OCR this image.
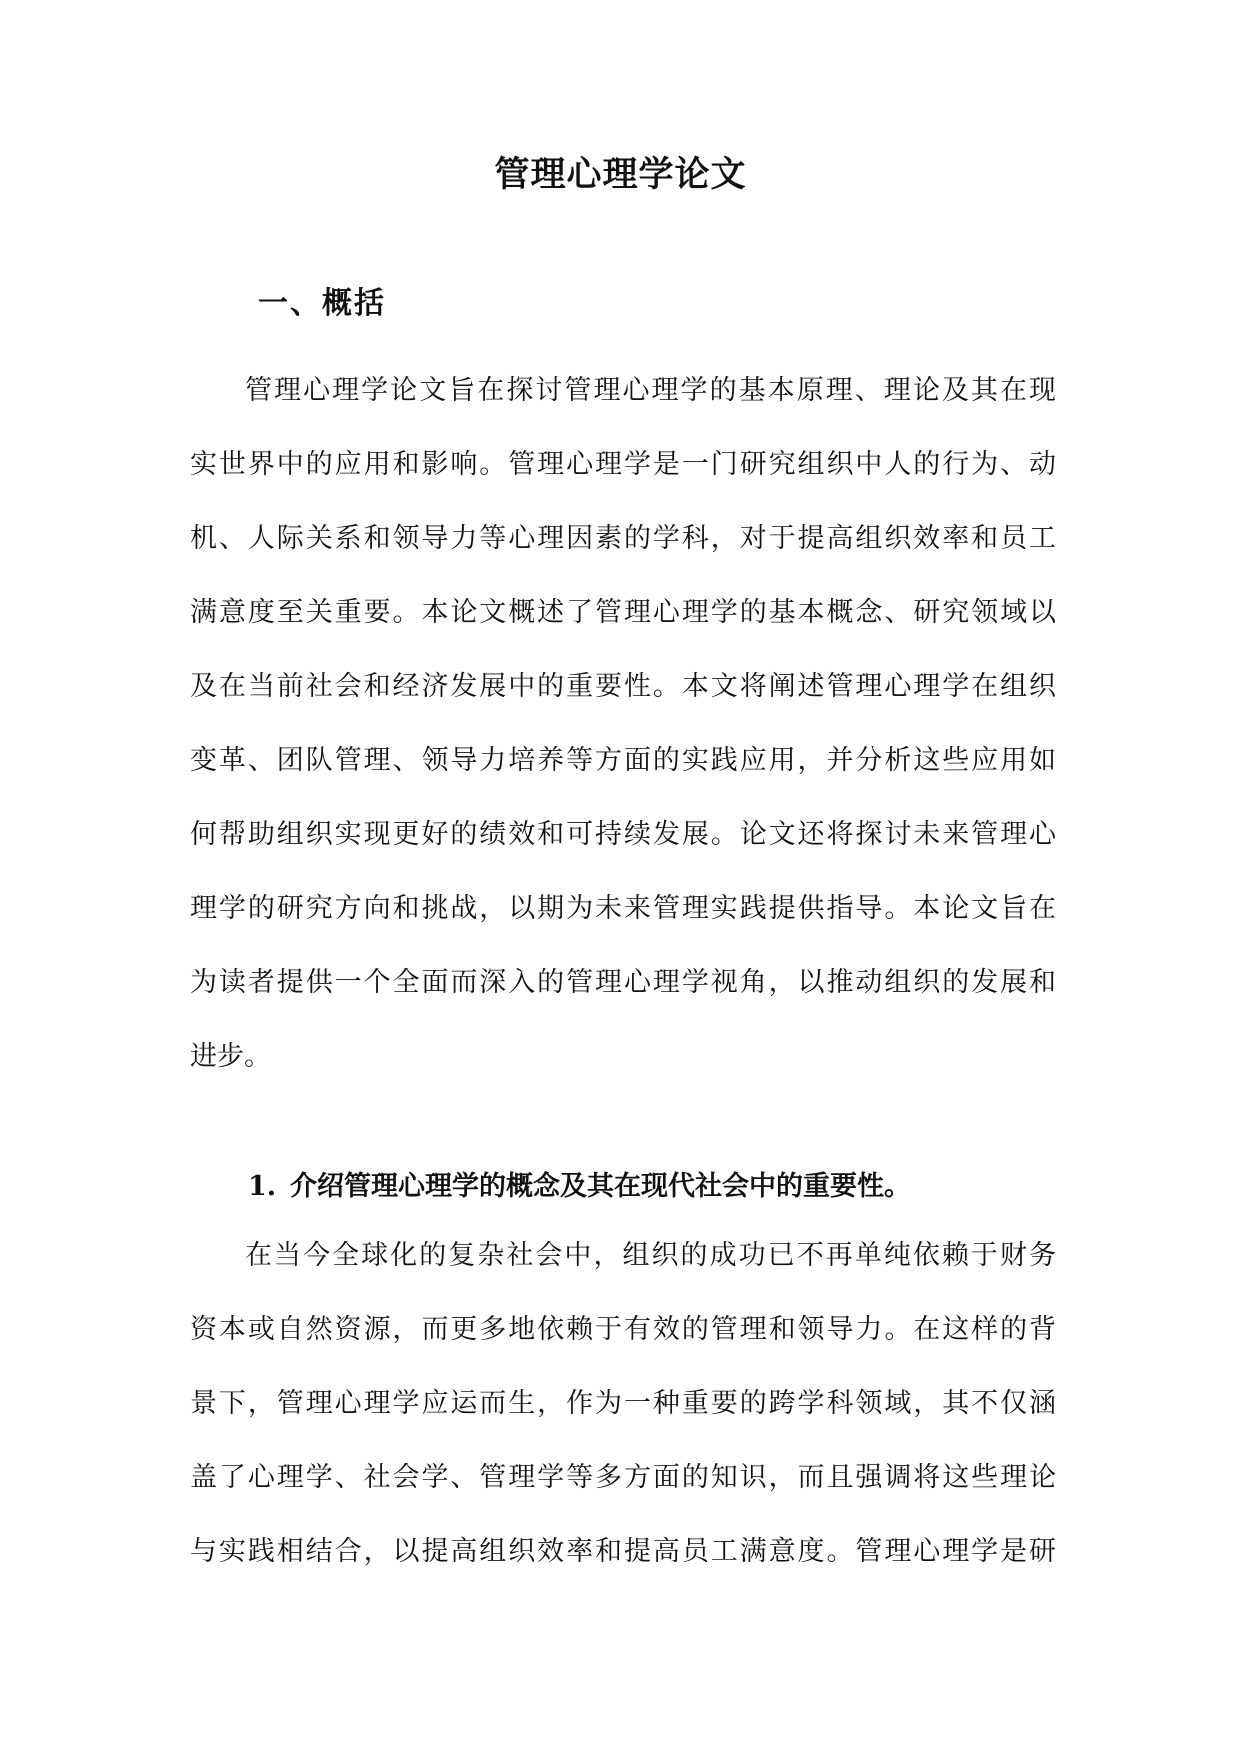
管理心理学论文
一、概括
管理心理学论文旨在探讨管理心理学的基本原理、理论及其在现
实世界中的应用和影响。管理心理学是一门研究组织中人的行为、动
机、人际关系和领导力等心理因素的学科，对于提高组织效率和员工
满意度至关重要。本论文概述了管理心理学的基本概念、研究领域以
及在当前社会和经济发展中的重要性。本文将阐述管理心理学在组织
变革、团队管理、领导力培养等方面的实践应用，并分析这些应用如
何帮助组织实现更好的绩效和可持续发展。论文还将探讨未来管理心
理学的研究方向和挑战，以期为未来管理实践提供指导。本论文旨在
为读者提供一个全面而深入的管理心理学视角，以推动组织的发展和
进步。
1. 介绍管理心理学的概念及其在现代社会中的重要性。
在当今全球化的复杂社会中，组织的成功已不再单纯依赖于财务
资本或自然资源，而更多地依赖于有效的管理和领导力。在这样的背
景下，管理心理学应运而生，作为一种重要的跨学科领域，其不仅涵
盖了心理学、社会学、管理学等多方面的知识，而且强调将这些理论
与实践相结合，以提高组织效率和提高员工满意度。管理心理学是研
